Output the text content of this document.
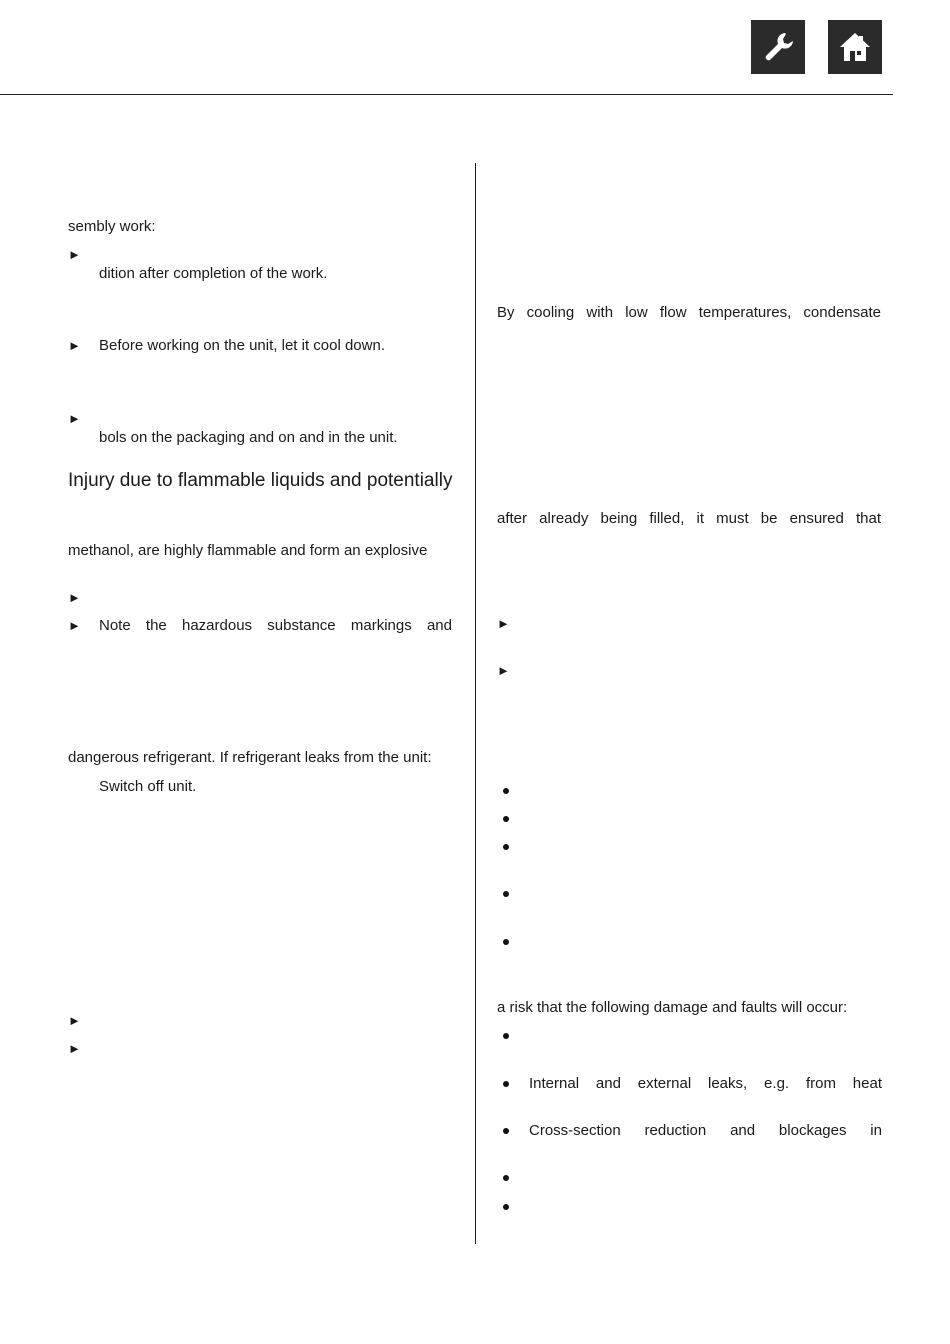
sembly work:
►
dition after completion of the work.
► Before working on the unit, let it cool down.
►
bols on the packaging and on and in the unit.
Injury due to flammable liquids and potentially
methanol, are highly flammable and form an explosive
►
► Note the hazardous substance markings and
dangerous refrigerant. If refrigerant leaks from the unit:
Switch off unit.
►
►
By cooling with low flow temperatures, condensate
after already being filled, it must be ensured that
►
►
a risk that the following damage and faults will occur:
Internal and external leaks, e.g. from heat
Cross-section reduction and blockages in
